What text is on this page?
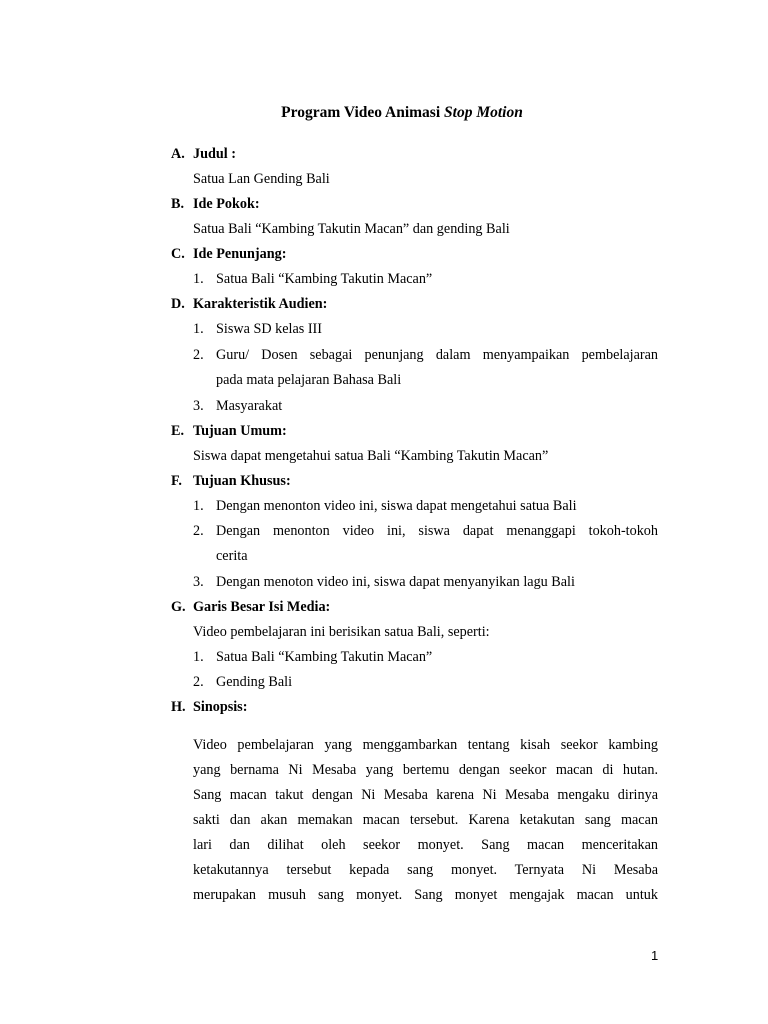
Program Video Animasi Stop Motion
A. Judul :
Satua Lan Gending Bali
B. Ide Pokok:
Satua Bali “Kambing Takutin Macan” dan gending Bali
C. Ide Penunjang:
1. Satua Bali “Kambing Takutin Macan”
D. Karakteristik Audien:
1. Siswa SD kelas III
2. Guru/ Dosen sebagai penunjang dalam menyampaikan pembelajaran
pada mata pelajaran Bahasa Bali
3. Masyarakat
E. Tujuan Umum:
Siswa dapat mengetahui satua Bali “Kambing Takutin Macan”
F. Tujuan Khusus:
1. Dengan menonton video ini, siswa dapat mengetahui satua Bali
2. Dengan menonton video ini, siswa dapat menanggapi tokoh-tokoh
cerita
3. Dengan menoton video ini, siswa dapat menyanyikan lagu Bali
G. Garis Besar Isi Media:
Video pembelajaran ini berisikan satua Bali, seperti:
1. Satua Bali “Kambing Takutin Macan”
2. Gending Bali
H. Sinopsis:
Video pembelajaran yang menggambarkan tentang kisah seekor kambing
yang bernama Ni Mesaba yang bertemu dengan seekor macan di hutan.
Sang macan takut dengan Ni Mesaba karena Ni Mesaba mengaku dirinya
sakti dan akan memakan macan tersebut. Karena ketakutan sang macan
lari dan dilihat oleh seekor monyet. Sang macan menceritakan
ketakutannya tersebut kepada sang monyet. Ternyata Ni Mesaba
merupakan musuh sang monyet. Sang monyet mengajak macan untuk
1
